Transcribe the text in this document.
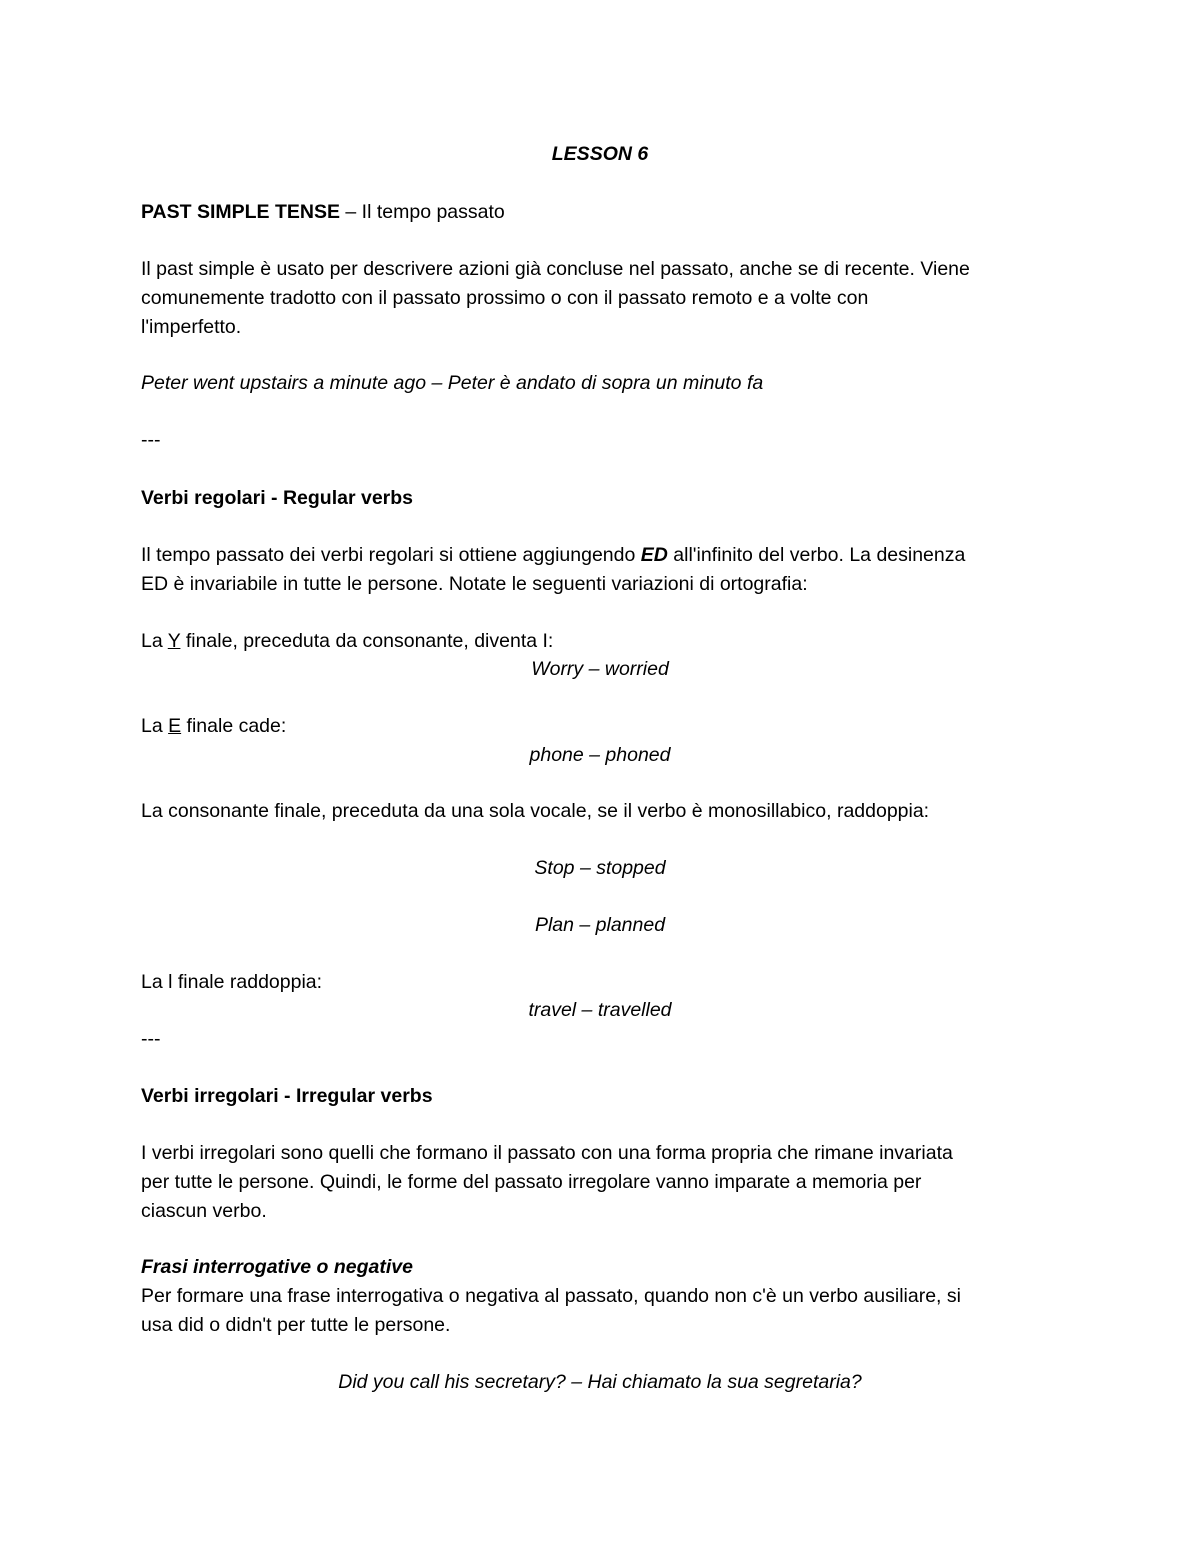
LESSON 6
PAST SIMPLE TENSE – Il tempo passato
Il past simple è usato per descrivere azioni già concluse nel passato, anche se di recente. Viene
comunemente tradotto con il passato prossimo o con il passato remoto e a volte con
l'imperfetto.
Peter went upstairs a minute ago – Peter è andato di sopra un minuto fa
---
Verbi regolari - Regular verbs
Il tempo passato dei verbi regolari si ottiene aggiungendo ED all'infinito del verbo. La desinenza
ED è invariabile in tutte le persone. Notate le seguenti variazioni di ortografia:
La Y finale, preceduta da consonante, diventa I:
Worry – worried
La E finale cade:
phone – phoned
La consonante finale, preceduta da una sola vocale, se il verbo è monosillabico, raddoppia:
Stop – stopped
Plan – planned
La l finale raddoppia:
travel – travelled
---
Verbi irregolari - Irregular verbs
I verbi irregolari sono quelli che formano il passato con una forma propria che rimane invariata
per tutte le persone. Quindi, le forme del passato irregolare vanno imparate a memoria per
ciascun verbo.
Frasi interrogative o negative
Per formare una frase interrogativa o negativa al passato, quando non c'è un verbo ausiliare, si
usa did o didn't per tutte le persone.
Did you call his secretary? – Hai chiamato la sua segretaria?
